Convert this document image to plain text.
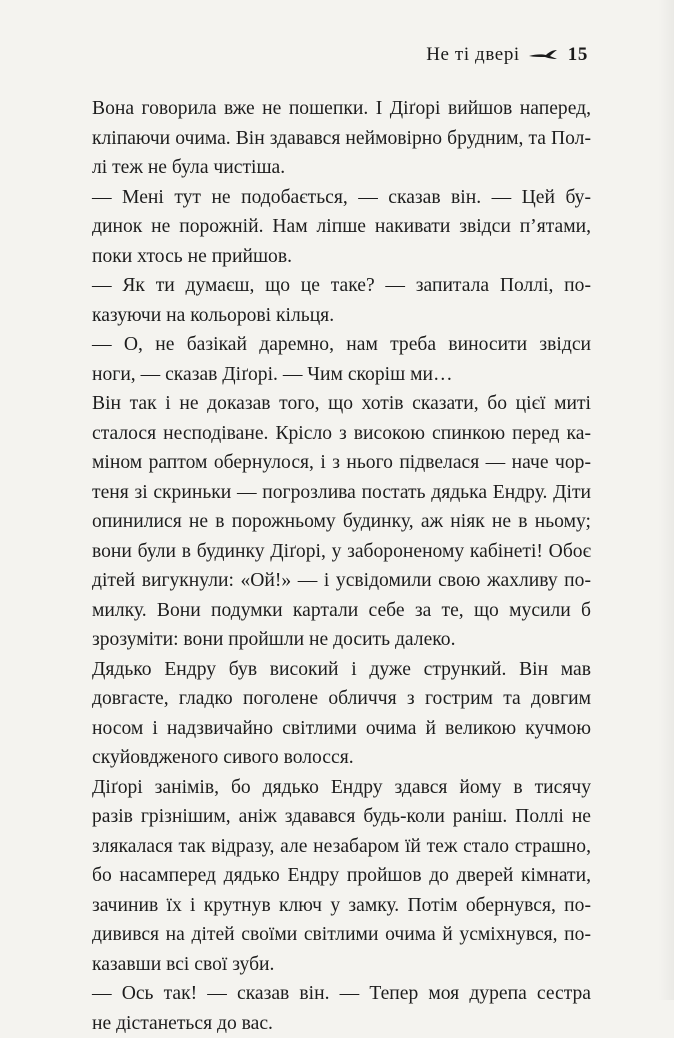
Не ті двері	15

Вона говорила вже не пошепки. І Діґорі вийшов наперед,
кліпаючи очима. Він здавався неймовірно брудним, та Пол-
лі теж не була чистіша.

— Мені тут не подобається, — сказав він. — Цей бу-
динок не порожній. Нам ліпше накивати звідси п’ятами,
поки хтось не прийшов.

— Як ти думаєш, що це таке? — запитала Поллі, по-
казуючи на кольорові кільця.

— О, не базікай даремно, нам треба виносити звідси
ноги, — сказав Діґорі. — Чим скоріш ми…

Він так і не доказав того, що хотів сказати, бо цієї миті
сталося несподіване. Крісло з високою спинкою перед ка-
міном раптом обернулося, і з нього підвелася — наче чор-
теня зі скриньки — погрозлива постать дядька Ендру. Діти
опинилися не в порожньому будинку, аж ніяк не в ньому;
вони були в будинку Діґорі, у забороненому кабінеті! Обоє
дітей вигукнули: «Ой!» — і усвідомили свою жахливу по-
милку. Вони подумки картали себе за те, що мусили б
зрозуміти: вони пройшли не досить далеко.

Дядько Ендру був високий і дуже стрункий. Він мав
довгасте, гладко поголене обличчя з гострим та довгим
носом і надзвичайно світлими очима й великою кучмою
скуйовдженого сивого волосся.

Діґорі занімів, бо дядько Ендру здався йому в тисячу
разів грізнішим, аніж здавався будь-коли раніш. Поллі не
злякалася так відразу, але незабаром їй теж стало страшно,
бо насамперед дядько Ендру пройшов до дверей кімнати,
зачинив їх і крутнув ключ у замку. Потім обернувся, по-
дивився на дітей своїми світлими очима й усміхнувся, по-
казавши всі свої зуби.

— Ось так! — сказав він. — Тепер моя дурепа сестра
не дістанеться до вас.
